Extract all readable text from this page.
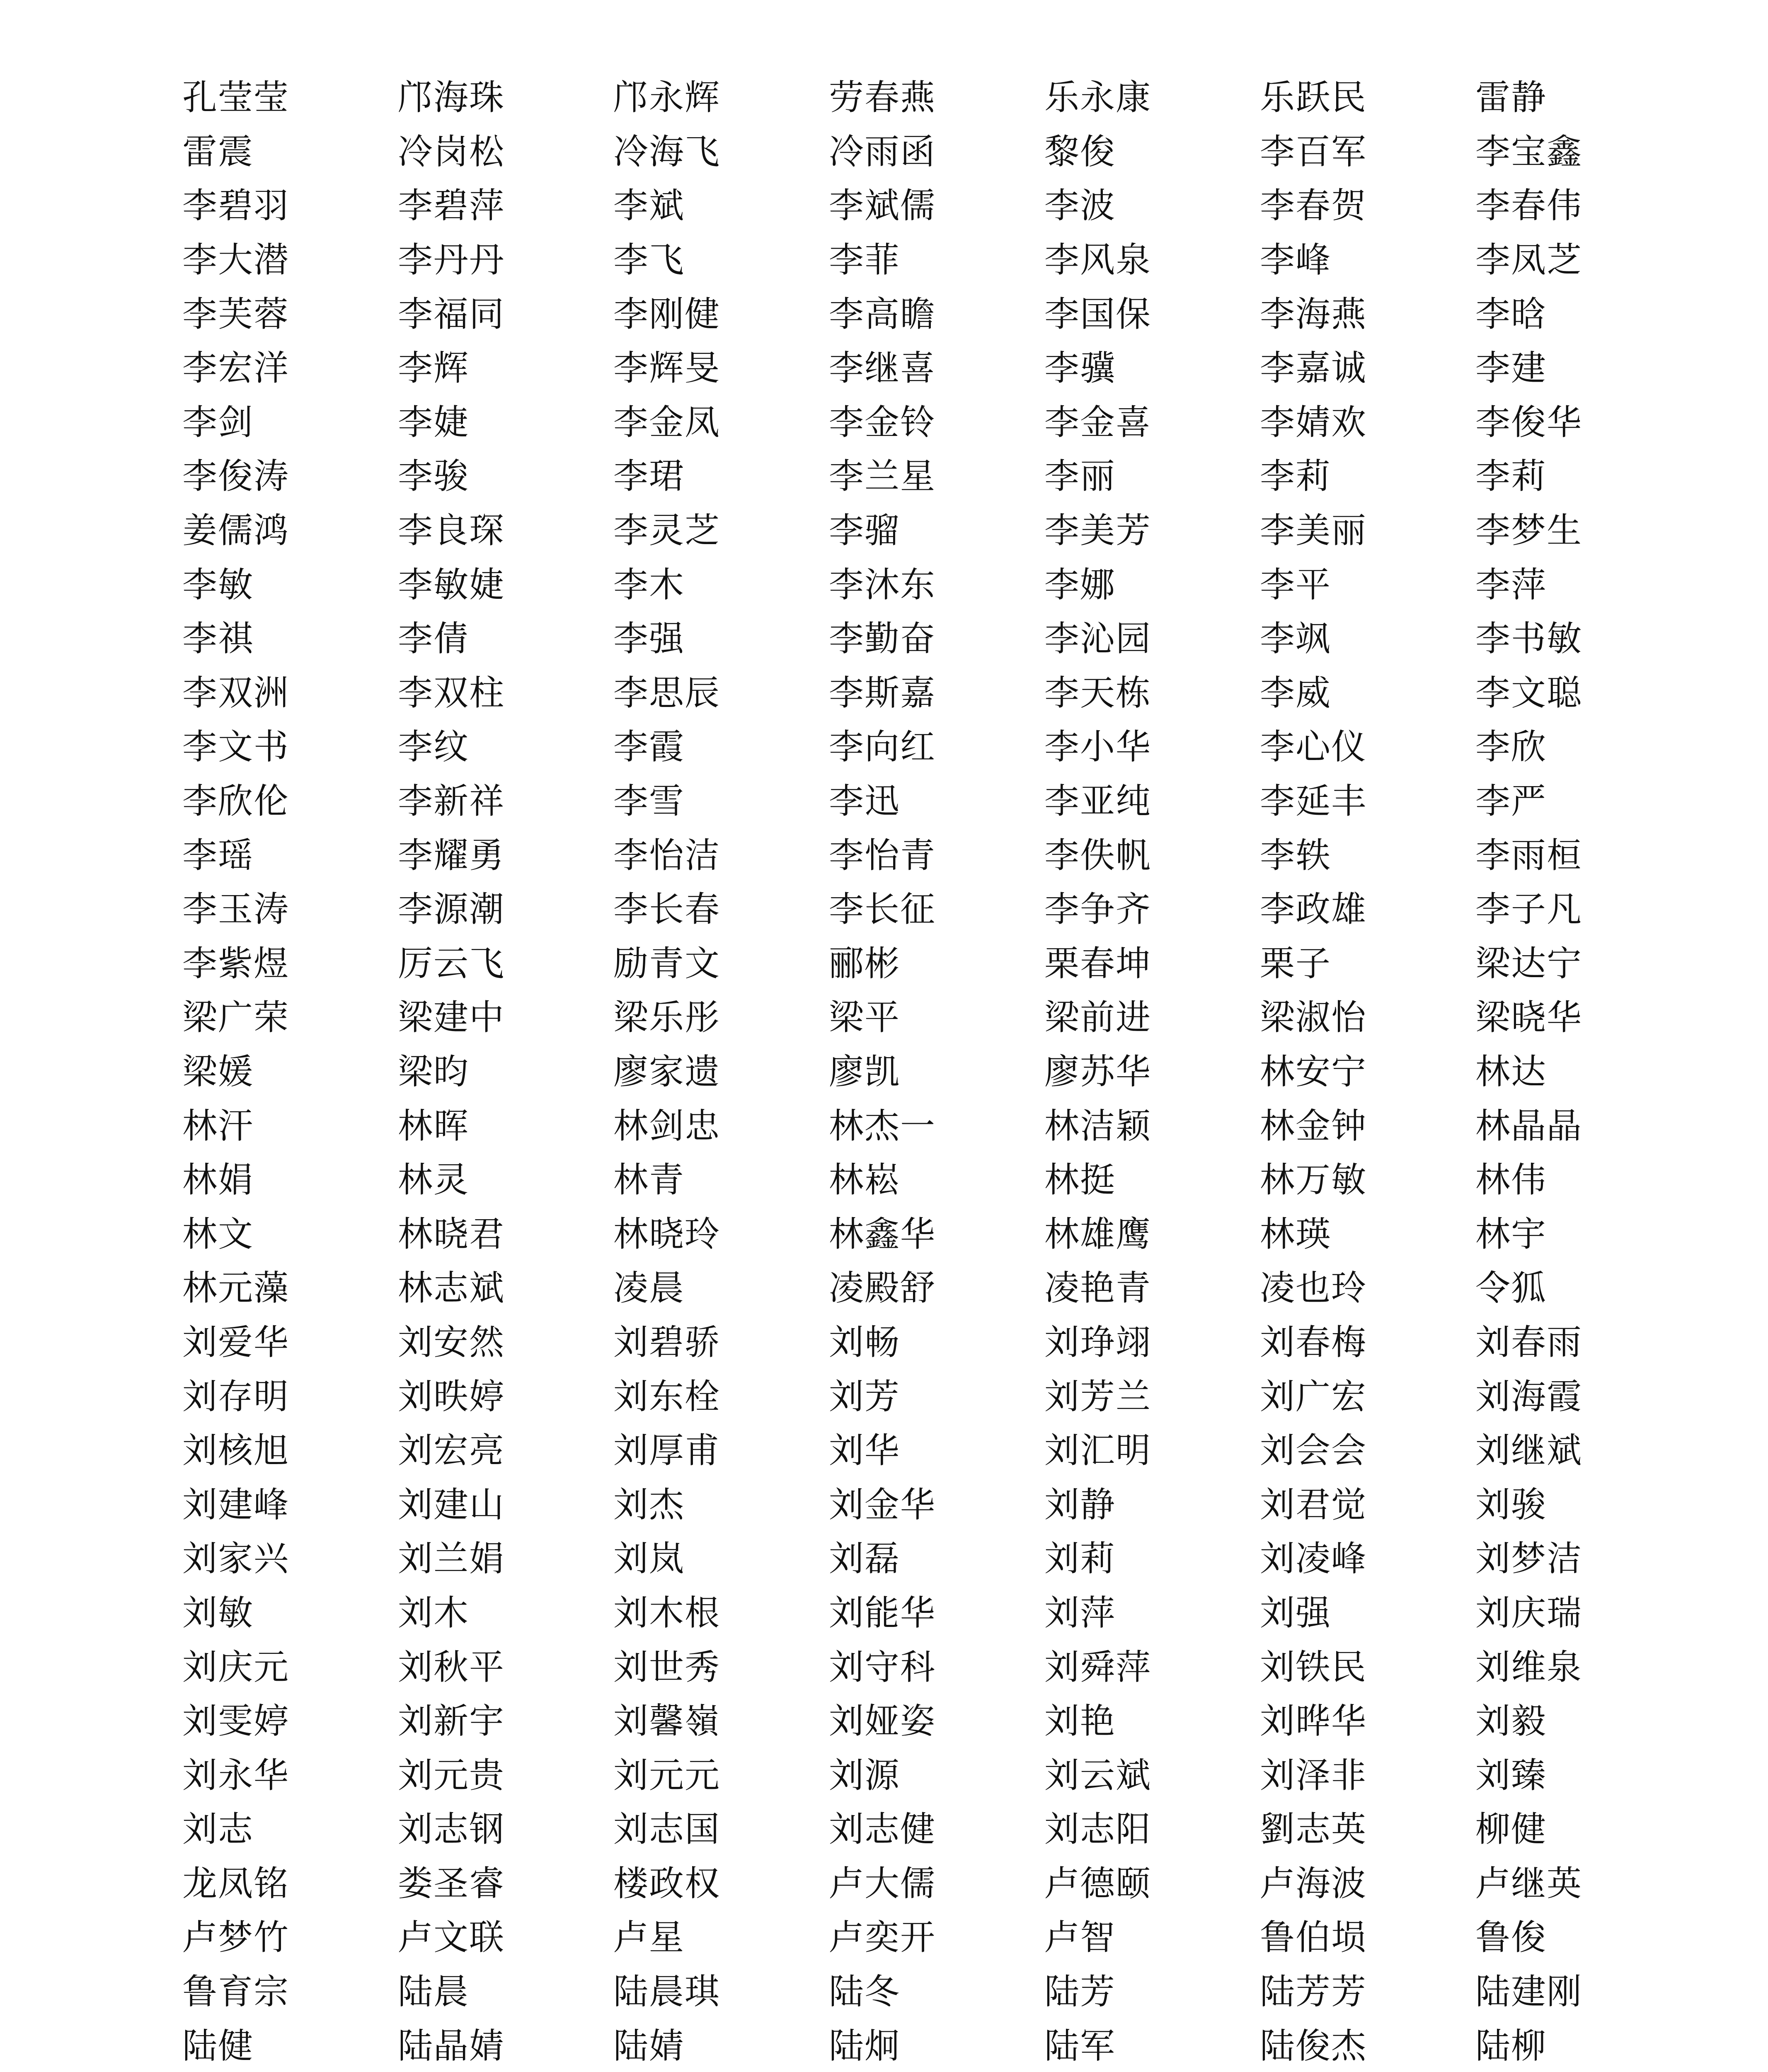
孔莹莹	邝海珠	邝永辉	劳春燕	乐永康	乐跃民	雷静
雷震	冷岗松	冷海飞	冷雨函	黎俊	李百军	李宝鑫
李碧羽	李碧萍	李斌	李斌儒	李波	李春贺	李春伟
李大潜	李丹丹	李飞	李菲	李风泉	李峰	李凤芝
李芙蓉	李福同	李刚健	李高瞻	李国保	李海燕	李晗
李宏洋	李辉	李辉旻	李继喜	李骥	李嘉诚	李建
李剑	李婕	李金凤	李金铃	李金喜	李婧欢	李俊华
李俊涛	李骏	李珺	李兰星	李丽	李莉	李莉
姜儒鸿	李良琛	李灵芝	李骝	李美芳	李美丽	李梦生
李敏	李敏婕	李木	李沐东	李娜	李平	李萍
李祺	李倩	李强	李勤奋	李沁园	李飒	李书敏
李双洲	李双柱	李思辰	李斯嘉	李天栋	李威	李文聪
李文书	李纹	李霞	李向红	李小华	李心仪	李欣
李欣伦	李新祥	李雪	李迅	李亚纯	李延丰	李严
李瑶	李耀勇	李怡洁	李怡青	李佚帆	李轶	李雨桓
李玉涛	李源潮	李长春	李长征	李争齐	李政雄	李子凡
李紫煜	厉云飞	励青文	郦彬	栗春坤	栗子	梁达宁
梁广荣	梁建中	梁乐彤	梁平	梁前进	梁淑怡	梁晓华
梁媛	梁昀	廖家遗	廖凯	廖苏华	林安宁	林达
林汗	林晖	林剑忠	林杰一	林洁颖	林金钟	林晶晶
林娟	林灵	林青	林崧	林挺	林万敏	林伟
林文	林晓君	林晓玲	林鑫华	林雄鹰	林瑛	林宇
林元藻	林志斌	凌晨	凌殿舒	凌艳青	凌也玲	令狐
刘爱华	刘安然	刘碧骄	刘畅	刘琤翊	刘春梅	刘春雨
刘存明	刘昳婷	刘东栓	刘芳	刘芳兰	刘广宏	刘海霞
刘核旭	刘宏亮	刘厚甫	刘华	刘汇明	刘会会	刘继斌
刘建峰	刘建山	刘杰	刘金华	刘静	刘君觉	刘骏
刘家兴	刘兰娟	刘岚	刘磊	刘莉	刘凌峰	刘梦洁
刘敏	刘木	刘木根	刘能华	刘萍	刘强	刘庆瑞
刘庆元	刘秋平	刘世秀	刘守科	刘舜萍	刘铁民	刘维泉
刘雯婷	刘新宇	刘馨嶺	刘娅姿	刘艳	刘晔华	刘毅
刘永华	刘元贵	刘元元	刘源	刘云斌	刘泽非	刘臻
刘志	刘志钢	刘志国	刘志健	刘志阳	劉志英	柳健
龙凤铭	娄圣睿	楼政权	卢大儒	卢德颐	卢海波	卢继英
卢梦竹	卢文联	卢星	卢奕开	卢智	鲁伯埙	鲁俊
鲁育宗	陆晨	陆晨琪	陆冬	陆芳	陆芳芳	陆建刚
陆健	陆晶婧	陆婧	陆炯	陆军	陆俊杰	陆柳
